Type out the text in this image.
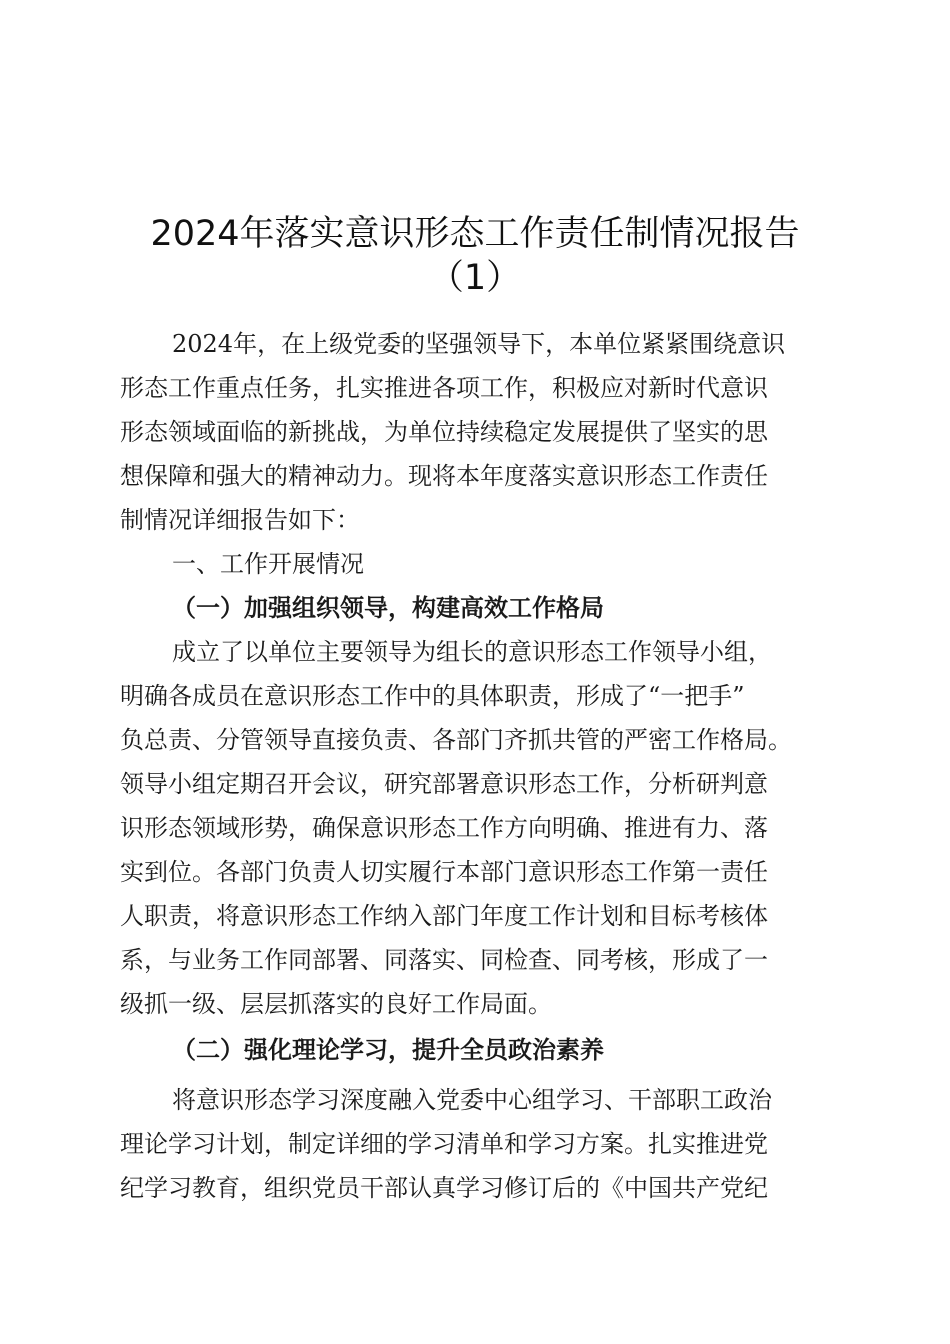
2024年落实意识形态工作责任制情况报告
（1）
2024年，在上级党委的坚强领导下，本单位紧紧围绕意识
形态工作重点任务，扎实推进各项工作，积极应对新时代意识
形态领域面临的新挑战，为单位持续稳定发展提供了坚实的思
想保障和强大的精神动力。现将本年度落实意识形态工作责任
制情况详细报告如下：
一、工作开展情况
（一）加强组织领导，构建高效工作格局
成立了以单位主要领导为组长的意识形态工作领导小组，
明确各成员在意识形态工作中的具体职责，形成了“一把手”
负总责、分管领导直接负责、各部门齐抓共管的严密工作格局。
领导小组定期召开会议，研究部署意识形态工作，分析研判意
识形态领域形势，确保意识形态工作方向明确、推进有力、落
实到位。各部门负责人切实履行本部门意识形态工作第一责任
人职责，将意识形态工作纳入部门年度工作计划和目标考核体
系，与业务工作同部署、同落实、同检查、同考核，形成了一
级抓一级、层层抓落实的良好工作局面。
（二）强化理论学习，提升全员政治素养
将意识形态学习深度融入党委中心组学习、干部职工政治
理论学习计划，制定详细的学习清单和学习方案。扎实推进党
纪学习教育，组织党员干部认真学习修订后的《中国共产党纪
